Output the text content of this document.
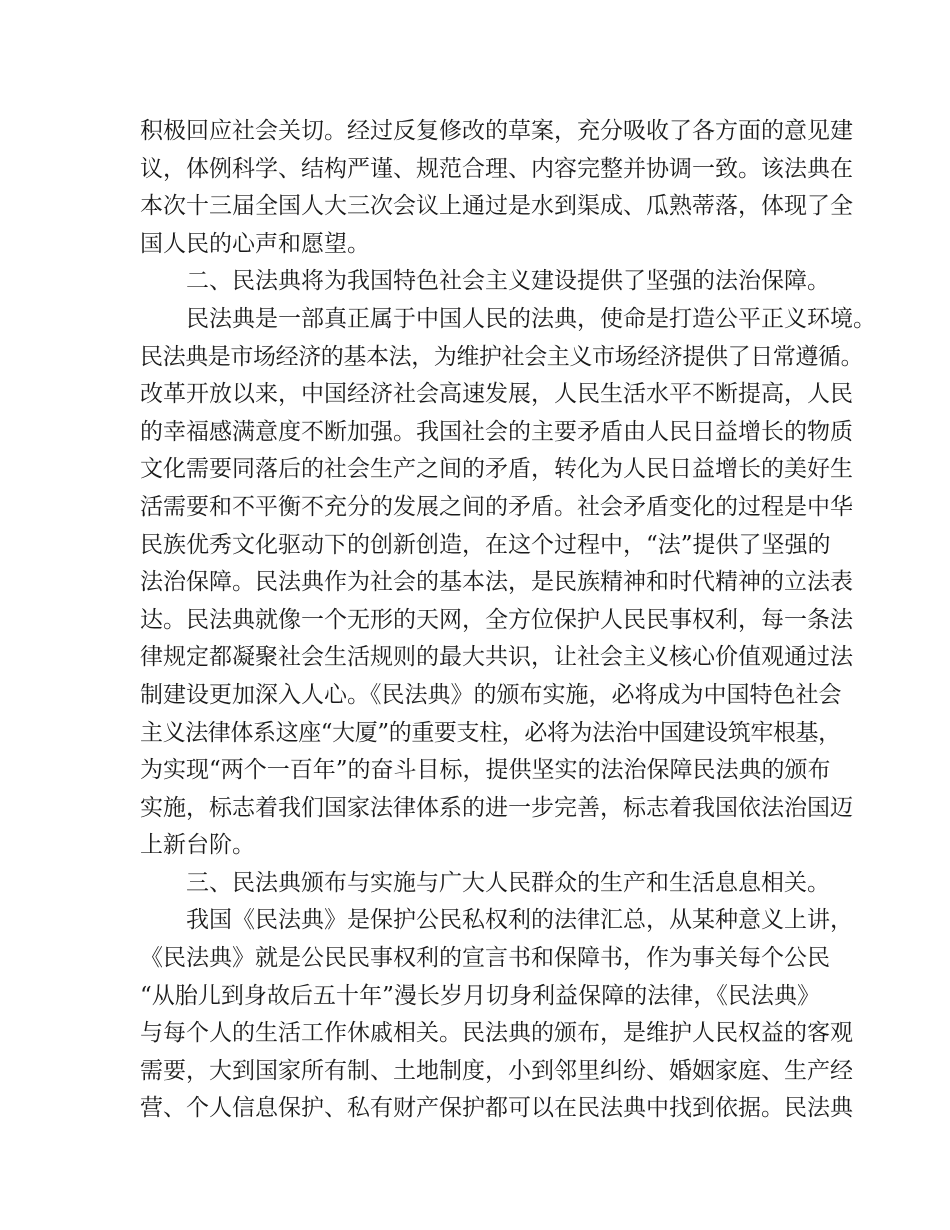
积极回应社会关切。经过反复修改的草案，充分吸收了各方面的意见建
议，体例科学、结构严谨、规范合理、内容完整并协调一致。该法典在
本次十三届全国人大三次会议上通过是水到渠成、瓜熟蒂落，体现了全
国人民的心声和愿望。
二、民法典将为我国特色社会主义建设提供了坚强的法治保障。
民法典是一部真正属于中国人民的法典，使命是打造公平正义环境。
民法典是市场经济的基本法，为维护社会主义市场经济提供了日常遵循。
改革开放以来，中国经济社会高速发展，人民生活水平不断提高，人民
的幸福感满意度不断加强。我国社会的主要矛盾由人民日益增长的物质
文化需要同落后的社会生产之间的矛盾，转化为人民日益增长的美好生
活需要和不平衡不充分的发展之间的矛盾。社会矛盾变化的过程是中华
民族优秀文化驱动下的创新创造，在这个过程中，“法”提供了坚强的
法治保障。民法典作为社会的基本法，是民族精神和时代精神的立法表
达。民法典就像一个无形的天网，全方位保护人民民事权利，每一条法
律规定都凝聚社会生活规则的最大共识，让社会主义核心价值观通过法
制建设更加深入人心。《民法典》的颁布实施，必将成为中国特色社会
主义法律体系这座“大厦”的重要支柱，必将为法治中国建设筑牢根基，
为实现“两个一百年”的奋斗目标，提供坚实的法治保障民法典的颁布
实施，标志着我们国家法律体系的进一步完善，标志着我国依法治国迈
上新台阶。
三、民法典颁布与实施与广大人民群众的生产和生活息息相关。
我国《民法典》是保护公民私权利的法律汇总，从某种意义上讲，
《民法典》就是公民民事权利的宣言书和保障书，作为事关每个公民
“从胎儿到身故后五十年”漫长岁月切身利益保障的法律，《民法典》
与每个人的生活工作休戚相关。民法典的颁布，是维护人民权益的客观
需要，大到国家所有制、土地制度，小到邻里纠纷、婚姻家庭、生产经
营、个人信息保护、私有财产保护都可以在民法典中找到依据。民法典
